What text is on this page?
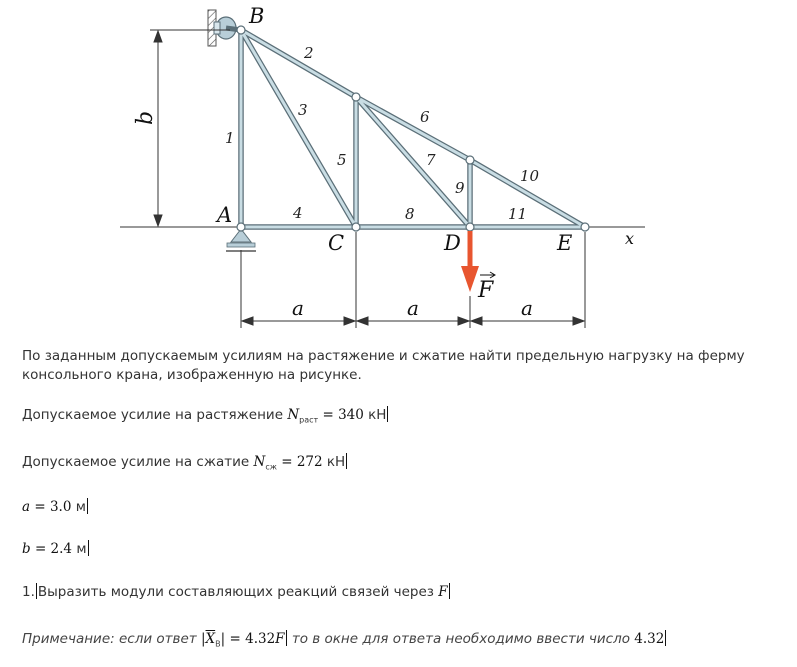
F
b
a	a	a
B
A
C	D	E	x
1
2
3
4
5
6
7
8
9
10
11
По заданным допускаемым усилиям на растяжение и сжатие найти предельную нагрузку на ферму
консольного крана, изображенную на рисунке.
Допускаемое усилие на растяжение $N_{раст} = 340$ кН
Допускаемое усилие на сжатие $N_{сж} = 272$ кН
a = 3.0 м
b = 2.4 м
1. Выразить модули составляющих реакций связей через F
Примечание: если ответ $|\overline{X}_B| = 4.32F$ то в окне для ответа необходимо ввести число 4.32
